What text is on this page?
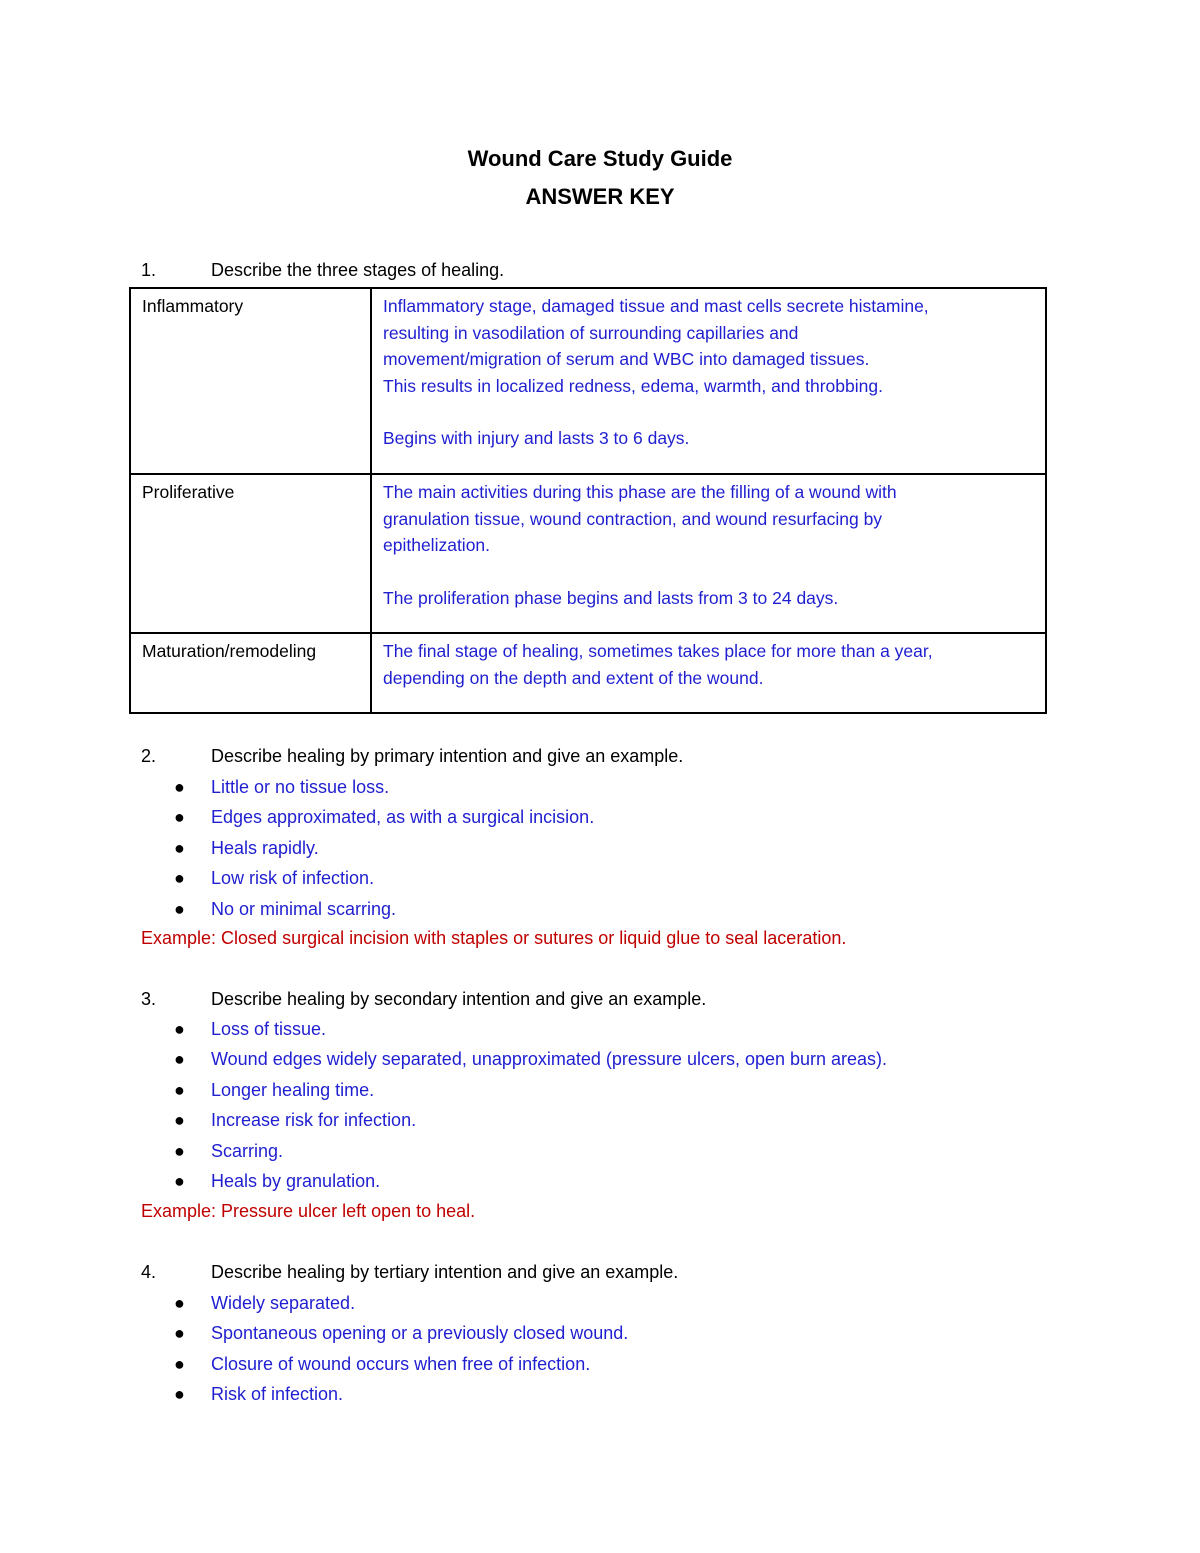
Wound Care Study Guide
ANSWER KEY
1.	Describe the three stages of healing.
Inflammatory	Inflammatory stage, damaged tissue and mast cells secrete histamine,
resulting in vasodilation of surrounding capillaries and
movement/migration of serum and WBC into damaged tissues.
This results in localized redness, edema, warmth, and throbbing.
Begins with injury and lasts 3 to 6 days.

Proliferative	The main activities during this phase are the filling of a wound with
granulation tissue, wound contraction, and wound resurfacing by
epithelization.
The proliferation phase begins and lasts from 3 to 24 days.

Maturation/remodeling	The final stage of healing, sometimes takes place for more than a year,
depending on the depth and extent of the wound.
2.	Describe healing by primary intention and give an example.
● Little or no tissue loss.
● Edges approximated, as with a surgical incision.
● Heals rapidly.
● Low risk of infection.
● No or minimal scarring.
Example: Closed surgical incision with staples or sutures or liquid glue to seal laceration.
3.	Describe healing by secondary intention and give an example.
● Loss of tissue.
● Wound edges widely separated, unapproximated (pressure ulcers, open burn areas).
● Longer healing time.
● Increase risk for infection.
● Scarring.
● Heals by granulation.
Example: Pressure ulcer left open to heal.
4.	Describe healing by tertiary intention and give an example.
● Widely separated.
● Spontaneous opening or a previously closed wound.
● Closure of wound occurs when free of infection.
● Risk of infection.
